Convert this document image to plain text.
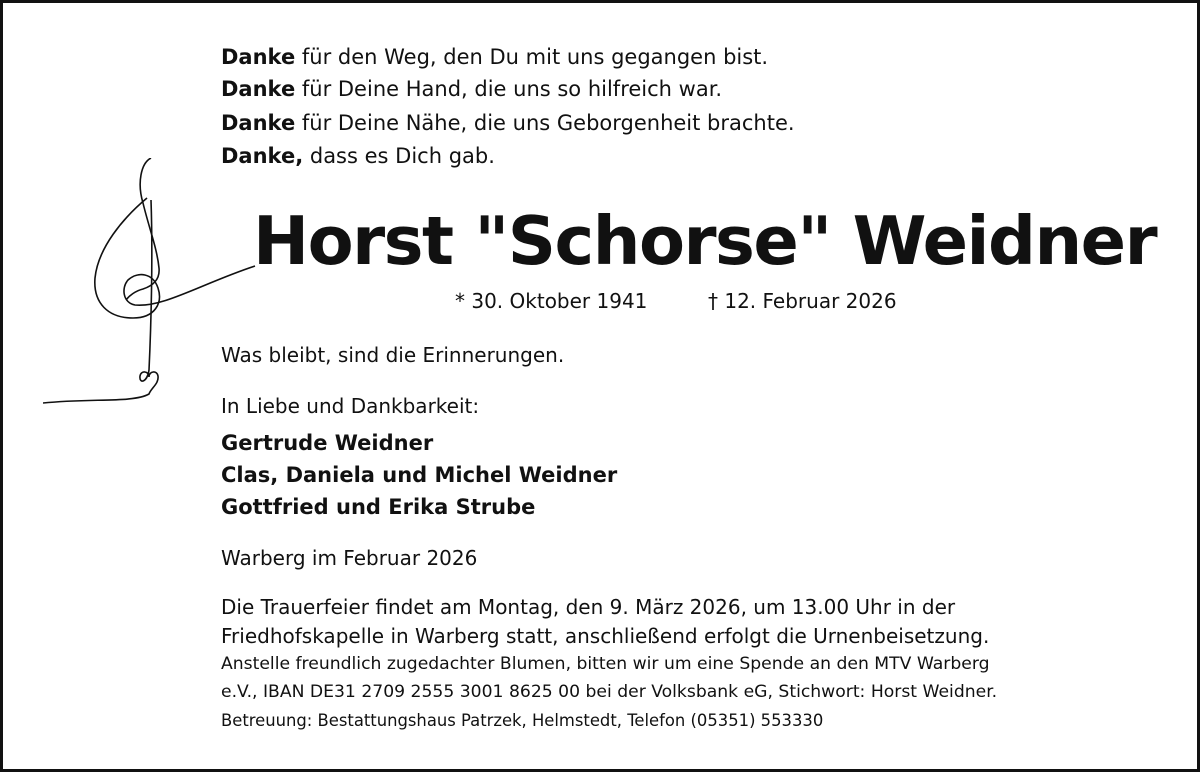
Danke für den Weg, den Du mit uns gegangen bist.
Danke für Deine Hand, die uns so hilfreich war.
Danke für Deine Nähe, die uns Geborgenheit brachte.
Danke, dass es Dich gab.
Horst "Schorse" Weidner
* 30. Oktober 1941	† 12. Februar 2026
Was bleibt, sind die Erinnerungen.
In Liebe und Dankbarkeit:
Gertrude Weidner
Clas, Daniela und Michel Weidner
Gottfried und Erika Strube
Warberg im Februar 2026
Die Trauerfeier findet am Montag, den 9. März 2026, um 13.00 Uhr in der
Friedhofskapelle in Warberg statt, anschließend erfolgt die Urnenbeisetzung.
Anstelle freundlich zugedachter Blumen, bitten wir um eine Spende an den MTV Warberg
e.V., IBAN DE31 2709 2555 3001 8625 00 bei der Volksbank eG, Stichwort: Horst Weidner.
Betreuung: Bestattungshaus Patrzek, Helmstedt, Telefon (05351) 553330
